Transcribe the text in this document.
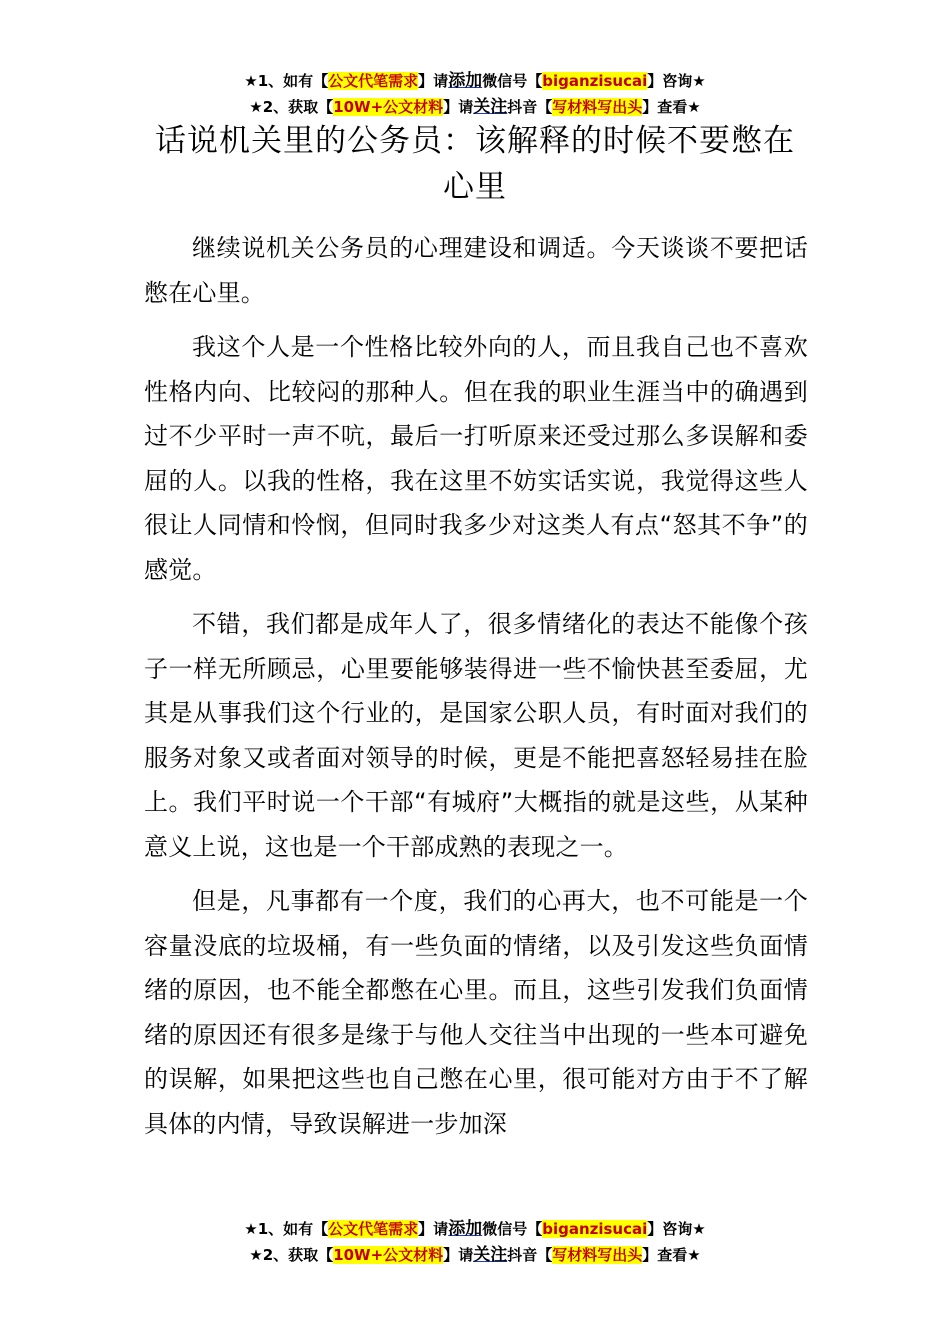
★1、如有【公文代笔需求】请添加微信号【biganzisucai】咨询★
★2、获取【10W+公文材料】请关注抖音【写材料写出头】查看★
话说机关里的公务员：该解释的时候不要憋在心里

继续说机关公务员的心理建设和调适。今天谈谈不要把话憋在心里。

我这个人是一个性格比较外向的人，而且我自己也不喜欢性格内向、比较闷的那种人。但在我的职业生涯当中的确遇到过不少平时一声不吭，最后一打听原来还受过那么多误解和委屈的人。以我的性格，我在这里不妨实话实说，我觉得这些人很让人同情和怜悯，但同时我多少对这类人有点“怒其不争”的感觉。

不错，我们都是成年人了，很多情绪化的表达不能像个孩子一样无所顾忌，心里要能够装得进一些不愉快甚至委屈，尤其是从事我们这个行业的，是国家公职人员，有时面对我们的服务对象又或者面对领导的时候，更是不能把喜怒轻易挂在脸上。我们平时说一个干部“有城府”大概指的就是这些，从某种意义上说，这也是一个干部成熟的表现之一。

但是，凡事都有一个度，我们的心再大，也不可能是一个容量没底的垃圾桶，有一些负面的情绪，以及引发这些负面情绪的原因，也不能全都憋在心里。而且，这些引发我们负面情绪的原因还有很多是缘于与他人交往当中出现的一些本可避免的误解，如果把这些也自己憋在心里，很可能对方由于不了解具体的内情，导致误解进一步加深

★1、如有【公文代笔需求】请添加微信号【biganzisucai】咨询★
★2、获取【10W+公文材料】请关注抖音【写材料写出头】查看★
